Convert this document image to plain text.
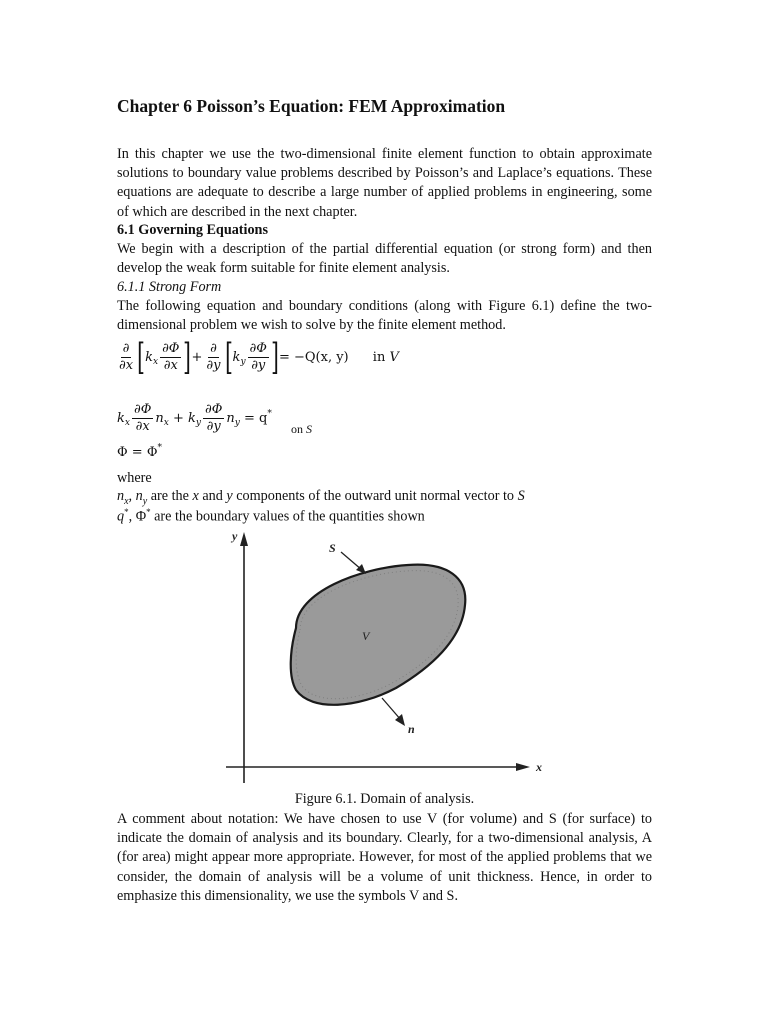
Chapter 6 Poisson’s Equation: FEM Approximation
In this chapter we use the two-dimensional finite element function to obtain approximate solutions to boundary value problems described by Poisson’s and Laplace’s equations. These equations are adequate to describe a large number of applied problems in engineering, some of which are described in the next chapter.
6.1 Governing Equations
We begin with a description of the partial differential equation (or strong form) and then develop the weak form suitable for finite element analysis.
6.1.1 Strong Form
The following equation and boundary conditions (along with Figure 6.1) define the two-dimensional problem we wish to solve by the finite element method.
$\frac{\partial}{\partial x} [k_x \frac{\partial\Phi}{\partial x}$ ]+ $\frac{\partial}{\partial y} [k_y \frac{\partial\Phi}{\partial y}$ ]= −Q(x, y) in V
$k_x \frac{\partial\Phi}{\partial x} n_x + k_y \frac{\partial\Phi}{\partial y} n_y = q^*$
on S
Φ = Φ*
where
$n_x$, $n_y$ are the x and y components of the outward unit normal vector to S
q*, Φ* are the boundary values of the quantities shown
y
x
S
V
n
Figure 6.1. Domain of analysis.
A comment about notation: We have chosen to use V (for volume) and S (for surface) to indicate the domain of analysis and its boundary. Clearly, for a two-dimensional analysis, A (for area) might appear more appropriate. However, for most of the applied problems that we consider, the domain of analysis will be a volume of unit thickness. Hence, in order to emphasize this dimensionality, we use the symbols V and S.
